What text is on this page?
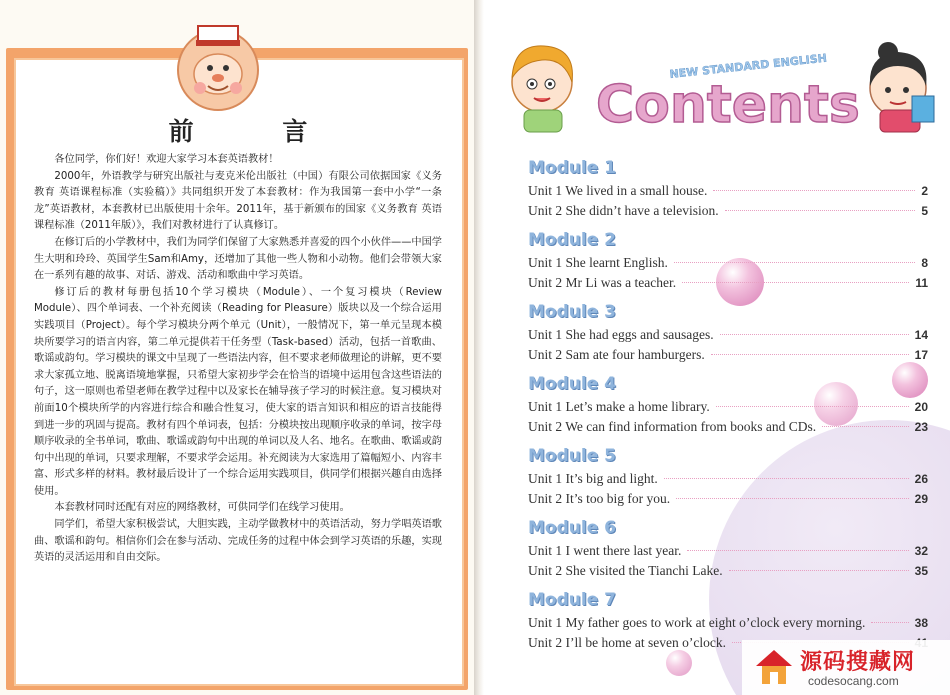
前 言

各位同学，你们好！欢迎大家学习本套英语教材！

2000年，外语教学与研究出版社与麦克米伦出版社（中国）有限公司依据国家《义务教育 英语课程标准（实验稿）》共同组织开发了本套教材：作为我国第一套中小学“一条龙”英语教材，本套教材已出版使用十余年。2011年，基于新颁布的国家《义务教育 英语课程标准（2011年版）》，我们对教材进行了认真修订。

在修订后的小学教材中，我们为同学们保留了大家熟悉并喜爱的四个小伙伴——中国学生大明和玲玲、英国学生Sam和Amy，还增加了其他一些人物和小动物。他们会带领大家在一系列有趣的故事、对话、游戏、活动和歌曲中学习英语。

修订后的教材每册包括10个学习模块（Module）、一个复习模块（Review Module）、四个单词表、一个补充阅读（Reading for Pleasure）版块以及一个综合运用实践项目（Project）。每个学习模块分两个单元（Unit），一般情况下，第一单元呈现本模块所要学习的语言内容，第二单元提供若干任务型（Task-based）活动，包括一首歌曲、歌谣或韵句。学习模块的课文中呈现了一些语法内容，但不要求老师做理论的讲解，更不要求大家孤立地、脱离语境地掌握，只希望大家初步学会在恰当的语境中运用包含这些语法的句子，这一原则也希望老师在教学过程中以及家长在辅导孩子学习的时候注意。复习模块对前面10个模块所学的内容进行综合和融合性复习，使大家的语言知识和相应的语言技能得到进一步的巩固与提高。教材有四个单词表，包括：分模块按出现顺序收录的单词，按字母顺序收录的全书单词，歌曲、歌谣或韵句中出现的单词以及人名、地名。在歌曲、歌谣或韵句中出现的单词，只要求理解，不要求学会运用。补充阅读为大家选用了篇幅短小、内容丰富、形式多样的材料。教材最后设计了一个综合运用实践项目，供同学们根据兴趣自由选择使用。

本套教材同时还配有对应的网络教材，可供同学们在线学习使用。

同学们，希望大家积极尝试，大胆实践，主动学做教材中的英语活动，努力学唱英语歌曲、歌谣和韵句。相信你们会在参与活动、完成任务的过程中体会到学习英语的乐趣，实现英语的灵活运用和自由交际。

NEW STANDARD ENGLISH
Contents
Module 1
Unit 1 We lived in a small house.	2
Unit 2 She didn’t have a television.	5
Module 2
Unit 1 She learnt English.	8
Unit 2 Mr Li was a teacher.	11
Module 3
Unit 1 She had eggs and sausages.	14
Unit 2 Sam ate four hamburgers.	17
Module 4
Unit 1 Let’s make a home library.	20
Unit 2 We can find information from books and CDs.	23
Module 5
Unit 1 It’s big and light.	26
Unit 2 It’s too big for you.	29
Module 6
Unit 1 I went there last year.	32
Unit 2 She visited the Tianchi Lake.	35
Module 7
Unit 1 My father goes to work at eight o’clock every morning.	38
Unit 2 I’ll be home at seven o’clock.
源码搜藏网
codesocang.com
